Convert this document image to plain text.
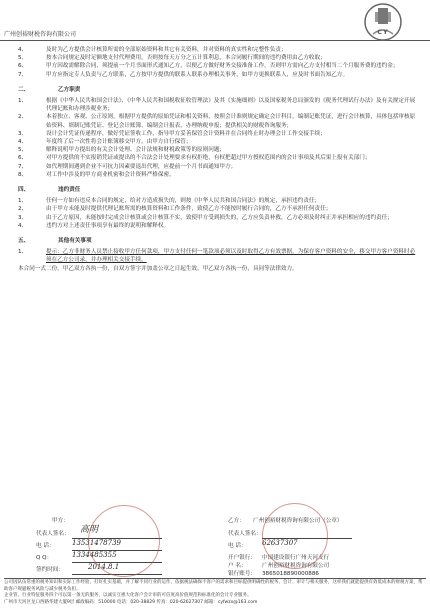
广州创裕财税咨询有限公司	CY
4、	及时为乙方提供会计核算所需的全部原始资料和其它有关资料，并对资料的真实性和完整性负责；
5、	按本合同规定及时足额地支付代理费用，否则按每天万分之五计算利息，本合同履行期间的违约费用由乙方收取；
6、	甲方因故需解除合同，须提前一个月书面形式通知乙方，以便乙方做好财务交接准备工作，否则甲方需向乙方支付相当二个月服务费的违约金；
7、	甲方应指定专人负责与乙方联系，乙方按甲方提供的联系人联系办理相关事务，如甲方更换联系人，应及时书面告知乙方。
二、	乙方职责
1、	根据《中华人民共和国会计法》、《中华人民共和国税收征收管理法》及其《实施细则》以及国家税务总局颁发的《税务代理试行办法》及有关规定开展代理记账和办理涉税业务；
2、	本着独立、客观、公正原则，根据甲方提供的原始凭证和相关资料，按照会计准则规定确定会计科目，编制记账凭证，进行会计核算，具体包括审核原始资料、填制记账凭证、登记会计账簿、编制会计报表，办理纳税申报；提供相关的财税咨询服务；
3、	设计会计凭证传递程序，做好凭证签收工作，指导甲方妥善保管会计资料并在合同终止时办理会计工作交接手续；
4、	年度终了后一次性将会计账簿移交甲方，由甲方自行保管；
5、	解释说明甲方提出的有关会计处理、会计法规和财税政策等的原则问题；
6、	对甲方提供的不实报销凭证或提出的不合法会计处理要求有权拒绝，有权把超过甲方授权范围内的会计事项及其后果上报有关部门；
7、	如代理期间遇到企业不可抗力因素要退出代理，应提前一个月书面通知甲方；
8、	对工作中涉及的甲方商业机密和会计资料严格保密。
四、	违约责任
1、	任何一方如有违反本合同的规定，给对方造成损失的，则按《中华人民共和国合同法》的规定，承担违约责任；
2、	由于甲方未能及时提供代理记账所需的核算资料和工作条件，致使乙方不能按时履行合同的，乙方不承担任何责任；
3、	由于乙方原因，未能按时完成会计核算或会计核算不实，致使甲方受到损失的，乙方应负责补救，乙方必须及时纠正并承担相应的违约责任；
4、	违约方对上述责任事项享有最终的说明和解释权。
五、	其他有关事项
1、	提示：乙方非财务人员禁止接收甲方任何款项，甲方支付任何一笔款项必须以及时取得乙方有效票据，为保存客户资料的安全，移交甲方客户资料时必须在乙方公司录，并办理相关交接手续。
本合同一式二份，甲乙双方各执一份，自双方签字并加盖公章之日起生效。甲乙双方各执一份，具同等法律效力。
甲方：
代表人签名： 高明
电 话： 13531478739
Q Q：	1334485355
签约时间：	2014.8.1
乙方： 广州创裕财税咨询有限公司（公章）
代表人签名：
电 话： 62637307
开户银行： 中国建设银行广州天河支行
户 名：	广州创裕财税咨询有限公司
银行账号： 3865018890000886
公司因队伍常重的税务知识和实际工作经验，打好扎实基础，并了解不同行业的运作，依据税法确保不客户的需求和目标提供明确性的税务、会计、审计与相关服务，这样我们就能提供有效低成本的财税方案，帮助客户规避税务风险与减少税务负担。
企业管、行业特征服务四个可以第一条无的服务，以诚实互惠大化客户会计审的可信度高价值规范和标准化的会计专业服务。
广州市天河区龙口西路华建大厦9层 邮政编码：510000 电话：020-38829 传真：020-62627307 邮箱：cyfwzx@163.com
